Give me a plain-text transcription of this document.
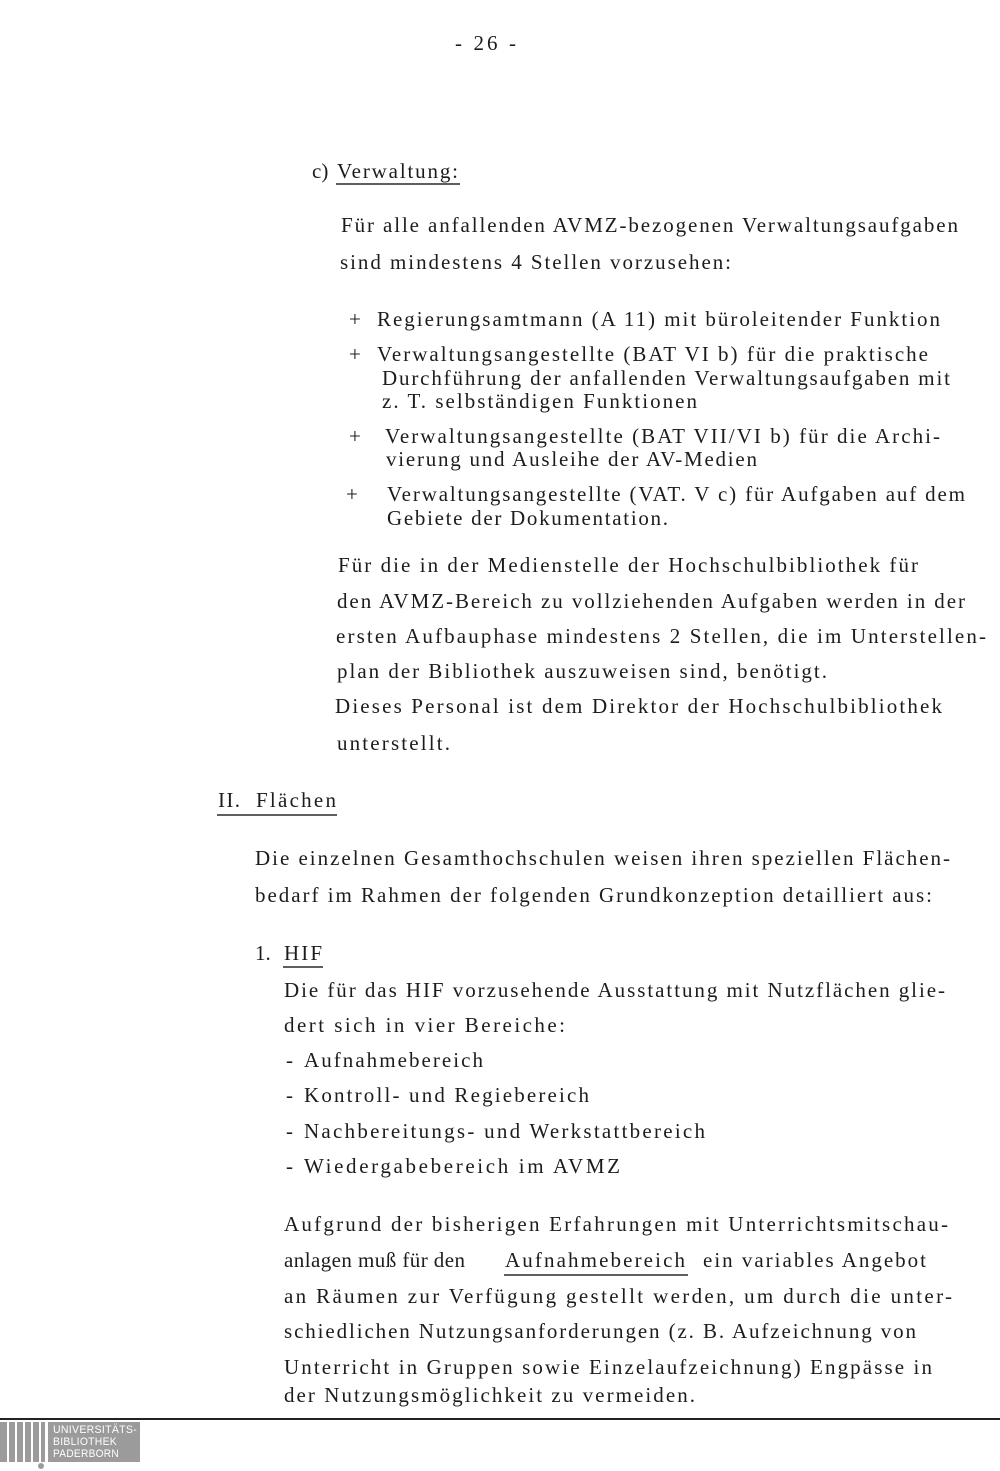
- 26 -
c) Verwaltung:
Für alle anfallenden AVMZ-bezogenen Verwaltungsaufgaben
sind mindestens 4 Stellen vorzusehen:
+ Regierungsamtmann (A 11) mit büroleitender Funktion
+ Verwaltungsangestellte (BAT VI b) für die praktische
Durchführung der anfallenden Verwaltungsaufgaben mit
z. T. selbständigen Funktionen
+ Verwaltungsangestellte (BAT VII/VI b) für die Archi-
vierung und Ausleihe der AV-Medien
+ Verwaltungsangestellte (VAT. V c) für Aufgaben auf dem
Gebiete der Dokumentation.
Für die in der Medienstelle der Hochschulbibliothek für
den AVMZ-Bereich zu vollziehenden Aufgaben werden in der
ersten Aufbauphase mindestens 2 Stellen, die im Unterstellen-
plan der Bibliothek auszuweisen sind, benötigt.
Dieses Personal ist dem Direktor der Hochschulbibliothek
unterstellt.
II. Flächen
Die einzelnen Gesamthochschulen weisen ihren speziellen Flächen-
bedarf im Rahmen der folgenden Grundkonzeption detailliert aus:
1. HIF
Die für das HIF vorzusehende Ausstattung mit Nutzflächen glie-
dert sich in vier Bereiche:
- Aufnahmebereich
- Kontroll- und Regiebereich
- Nachbereitungs- und Werkstattbereich
- Wiedergabebereich im AVMZ
Aufgrund der bisherigen Erfahrungen mit Unterrichtsmitschau-
anlagen muß für den Aufnahmebereich ein variables Angebot
an Räumen zur Verfügung gestellt werden, um durch die unter-
schiedlichen Nutzungsanforderungen (z. B. Aufzeichnung von
Unterricht in Gruppen sowie Einzelaufzeichnung) Engpässe in
der Nutzungsmöglichkeit zu vermeiden.
UNIVERSITÄTS-
BIBLIOTHEK
PADERBORN
